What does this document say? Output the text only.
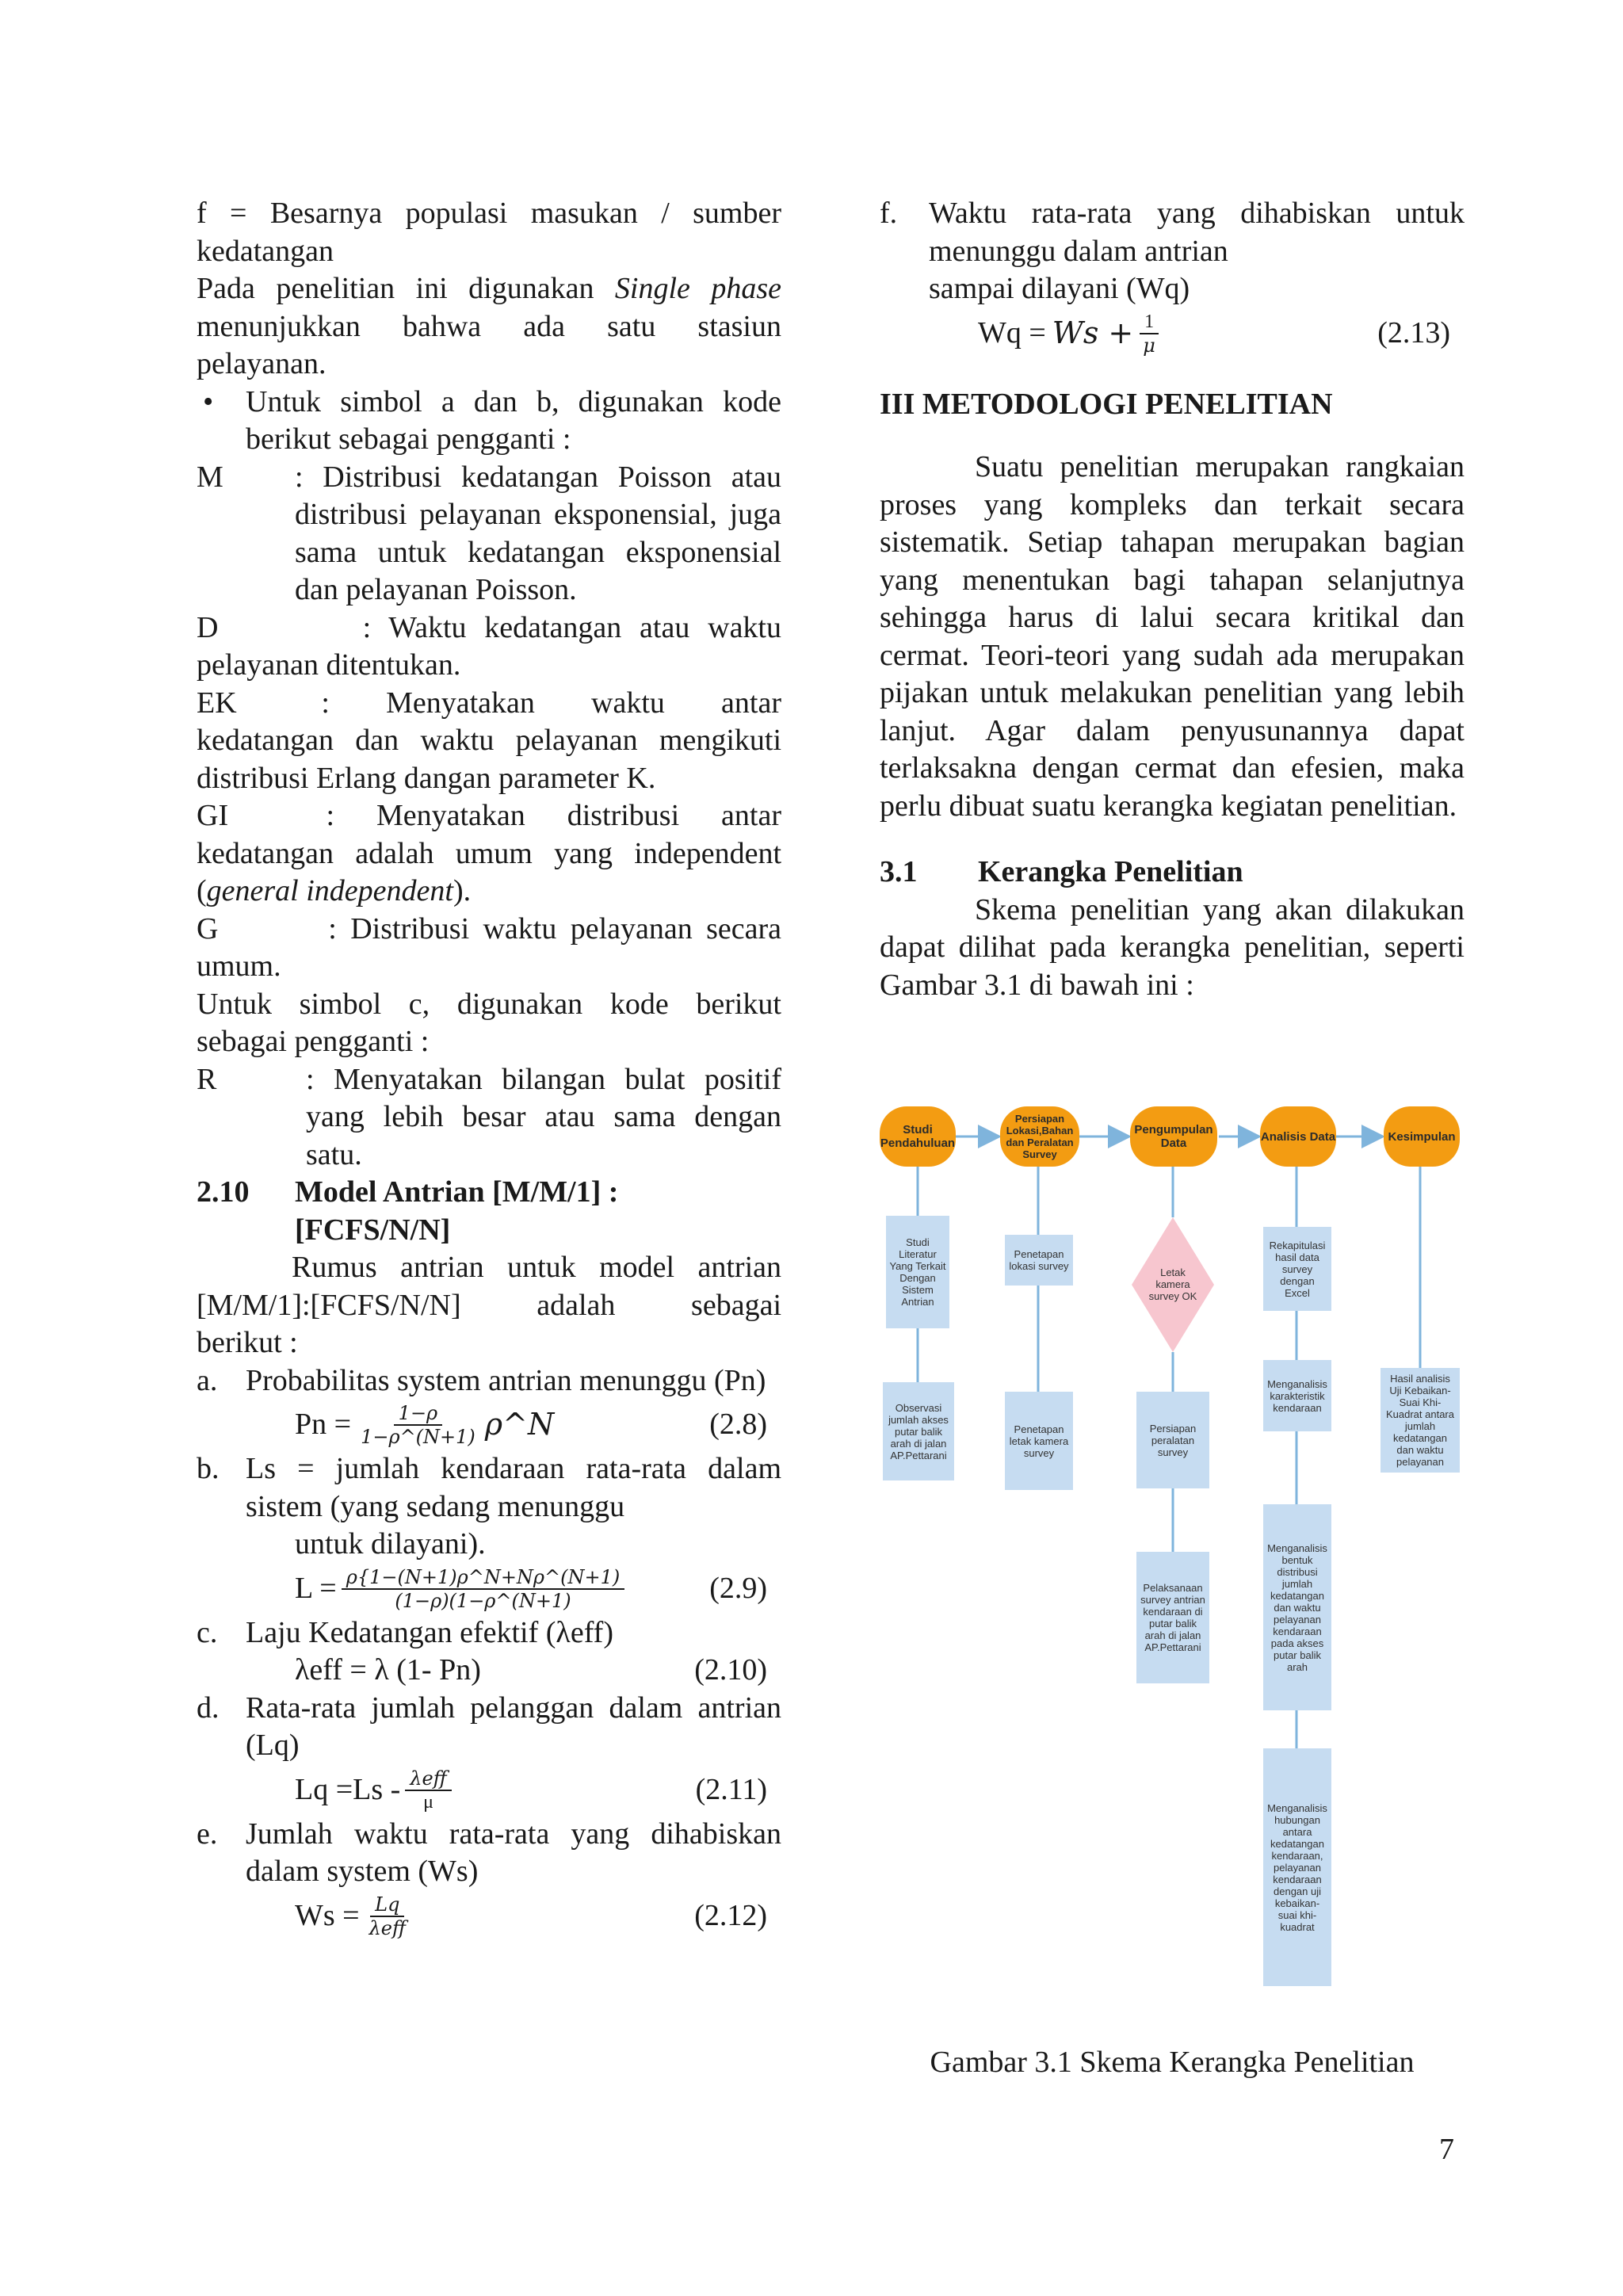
f = Besarnya populasi masukan / sumber
kedatangan
Pada penelitian ini digunakan Single phase
menunjukkan bahwa ada satu stasiun
pelayanan.
•	Untuk simbol a dan b, digunakan kode berikut sebagai pengganti :
M	: Distribusi kedatangan Poisson atau distribusi pelayanan eksponensial, juga sama untuk kedatangan eksponensial dan pelayanan Poisson.
D        : Waktu kedatangan atau waktu
pelayanan ditentukan.
EK      :    Menyatakan    waktu    antar
kedatangan dan waktu pelayanan mengikuti
distribusi Erlang dangan parameter K.
GI       :   Menyatakan   distribusi   antar
kedatangan adalah umum yang independent
(general independent).
G        : Distribusi waktu pelayanan secara
umum.
Untuk simbol c, digunakan kode berikut
sebagai pengganti :
R	: Menyatakan bilangan bulat positif yang lebih besar atau sama dengan satu.
2.10	Model Antrian [M/M/1] : [FCFS/N/N]
Rumus antrian untuk model antrian
[M/M/1]:[FCFS/N/N]       adalah       sebagai
berikut :
a. Probabilitas system antrian menunggu (Pn)
$Pn = \frac{1-\rho}{1-\rho\^{}(N+1)}$ ρ^N	(2.8)
b. Ls = jumlah kendaraan rata-rata dalam sistem (yang sedang menunggu
untuk dilayani).
$L = \frac{\rho\{1-(N+1)\rho\^{}N+N\rho\^{}(N+1)}{(1-\rho)(1-\rho\^{}(N+1)}$	(2.9)
c. Laju Kedatangan efektif (λeff)
λeff = λ (1- Pn)	(2.10)
d. Rata-rata jumlah pelanggan dalam antrian (Lq)
$Lq =Ls - \frac{\text{λeff}}{\mu}$	(2.11)
e. Jumlah waktu rata-rata yang dihabiskan dalam system (Ws)
$Ws = \frac{Lq}{\text{λeff}}$	(2.12)
f.	Waktu rata-rata yang dihabiskan untuk menunggu dalam antrian
sampai dilayani (Wq)
$Wq = Ws + \frac{1}{\mu}$	(2.13)
III METODOLOGI PENELITIAN
Suatu penelitian merupakan rangkaian proses yang kompleks dan terkait secara sistematik. Setiap tahapan merupakan bagian yang menentukan bagi tahapan selanjutnya sehingga harus di lalui secara kritikal dan cermat. Teori-teori yang sudah ada merupakan pijakan untuk melakukan penelitian yang lebih lanjut. Agar dalam penyusunannya dapat terlaksakna dengan cermat dan efesien, maka perlu dibuat suatu kerangka kegiatan penelitian.
3.1	Kerangka Penelitian
Skema penelitian yang akan dilakukan dapat dilihat pada kerangka penelitian, seperti Gambar 3.1 di bawah ini :
Studi Pendahuluan
Persiapan Lokasi,Bahan dan Peralatan Survey
Pengumpulan Data	Analisis Data	Kesimpulan
Studi Literatur Yang Terkait Dengan Sistem Antrian
Observasi jumlah akses putar balik arah di jalan AP.Pettarani
Penetapan lokasi survey
Penetapan letak kamera survey
Letak kamera survey OK
Persiapan peralatan survey
Pelaksanaan survey antrian kendaraan di putar balik arah di jalan AP.Pettarani
Rekapitulasi hasil data survey dengan Excel
Menganalisis karakteristik kendaraan
Menganalisis bentuk distribusi jumlah kedatangan dan waktu pelayanan kendaraan pada akses putar balik arah
Menganalisis hubungan antara kedatangan kendaraan, pelayanan kendaraan dengan uji kebaikan-suai khi-kuadrat
Hasil analisis Uji Kebaikan-Suai Khi-Kuadrat antara jumlah kedatangan dan waktu pelayanan
Gambar 3.1 Skema Kerangka Penelitian
7
